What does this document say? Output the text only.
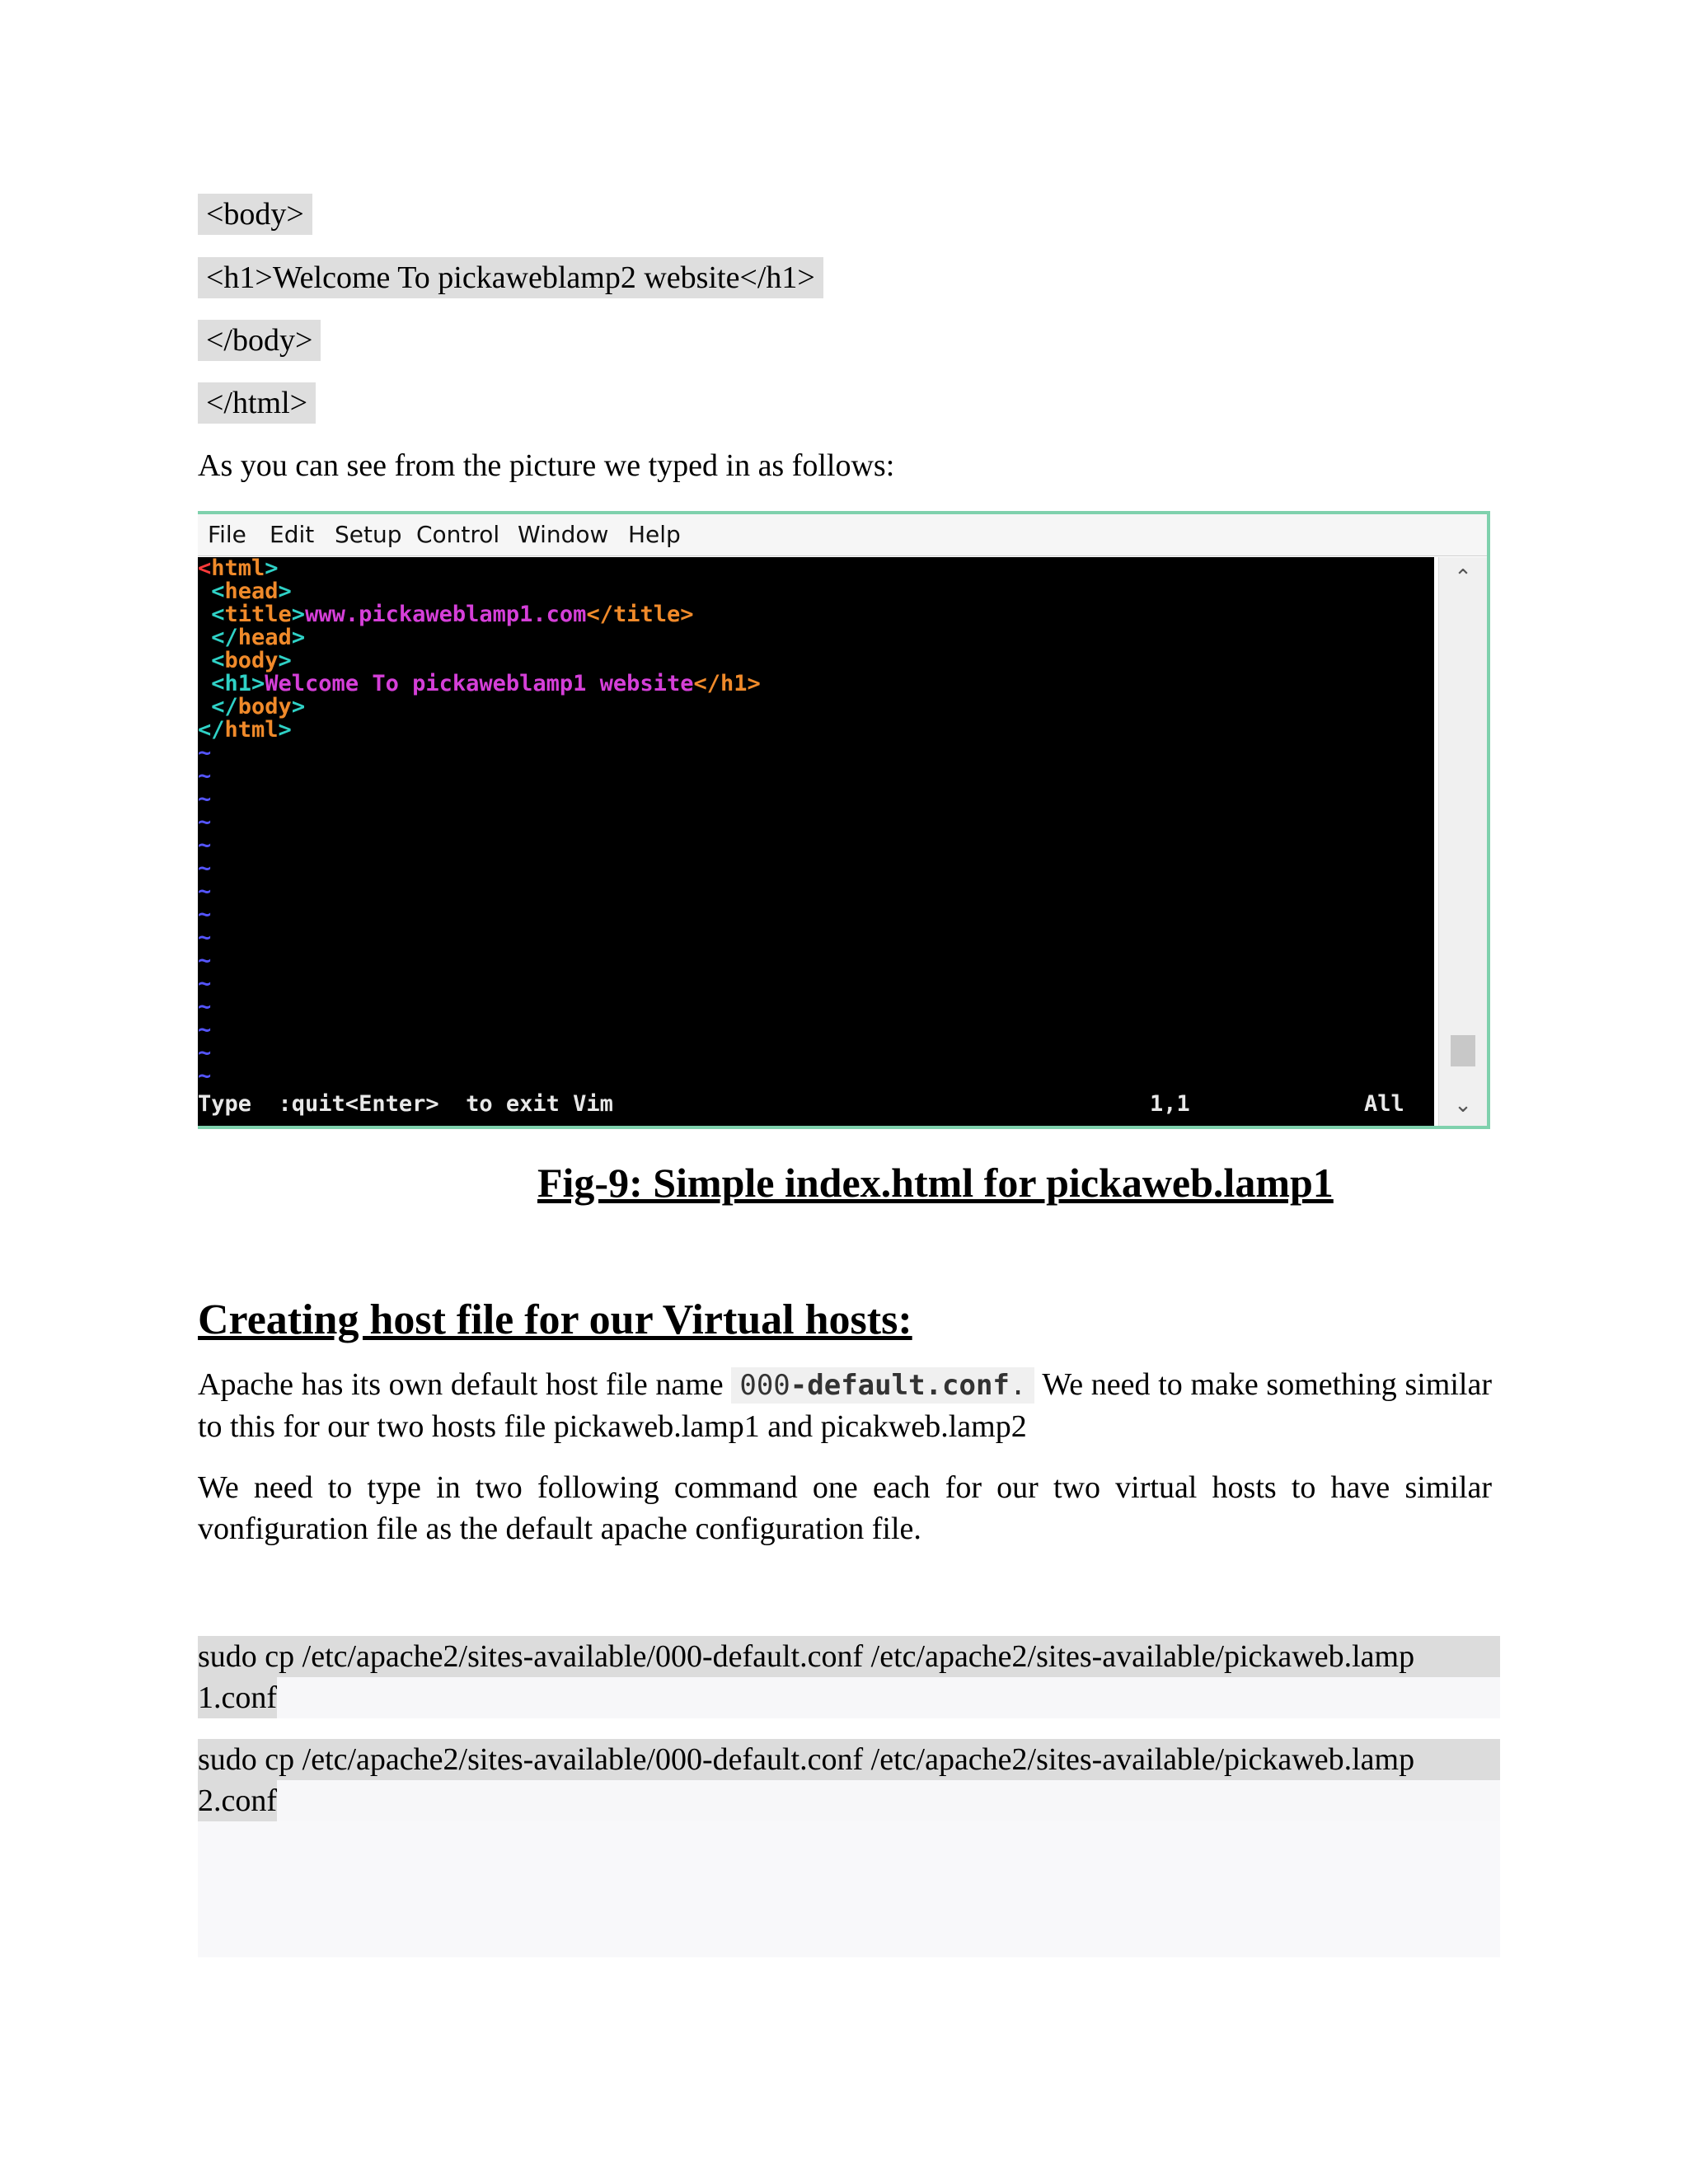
<body>
<h1>Welcome To pickaweblamp2 website</h1>
</body>
</html>
As you can see from the picture we typed in as follows:
File Edit Setup Control Window Help
<html>
<head>
<title>www.pickaweblamp1.com</title>
</head>
<body>
<h1>Welcome To pickaweblamp1 website</h1>
</body>
</html>
~
~
~
~
~
~
~
~
~
~
~
~
~
~
~
Type  :quit<Enter>  to exit Vim	1,1	All
⌃
⌄
Fig-9: Simple index.html for pickaweb.lamp1
Creating host file for our Virtual hosts:
Apache has its own default host file name 000-default.conf. We need to make something similar to this for our two hosts file pickaweb.lamp1 and picakweb.lamp2
We need to type in two following command one each for our two virtual hosts to have similar vonfiguration file as the default apache configuration file.
sudo cp /etc/apache2/sites-available/000-default.conf /etc/apache2/sites-available/pickaweb.lamp
1.conf
sudo cp /etc/apache2/sites-available/000-default.conf /etc/apache2/sites-available/pickaweb.lamp
2.conf
